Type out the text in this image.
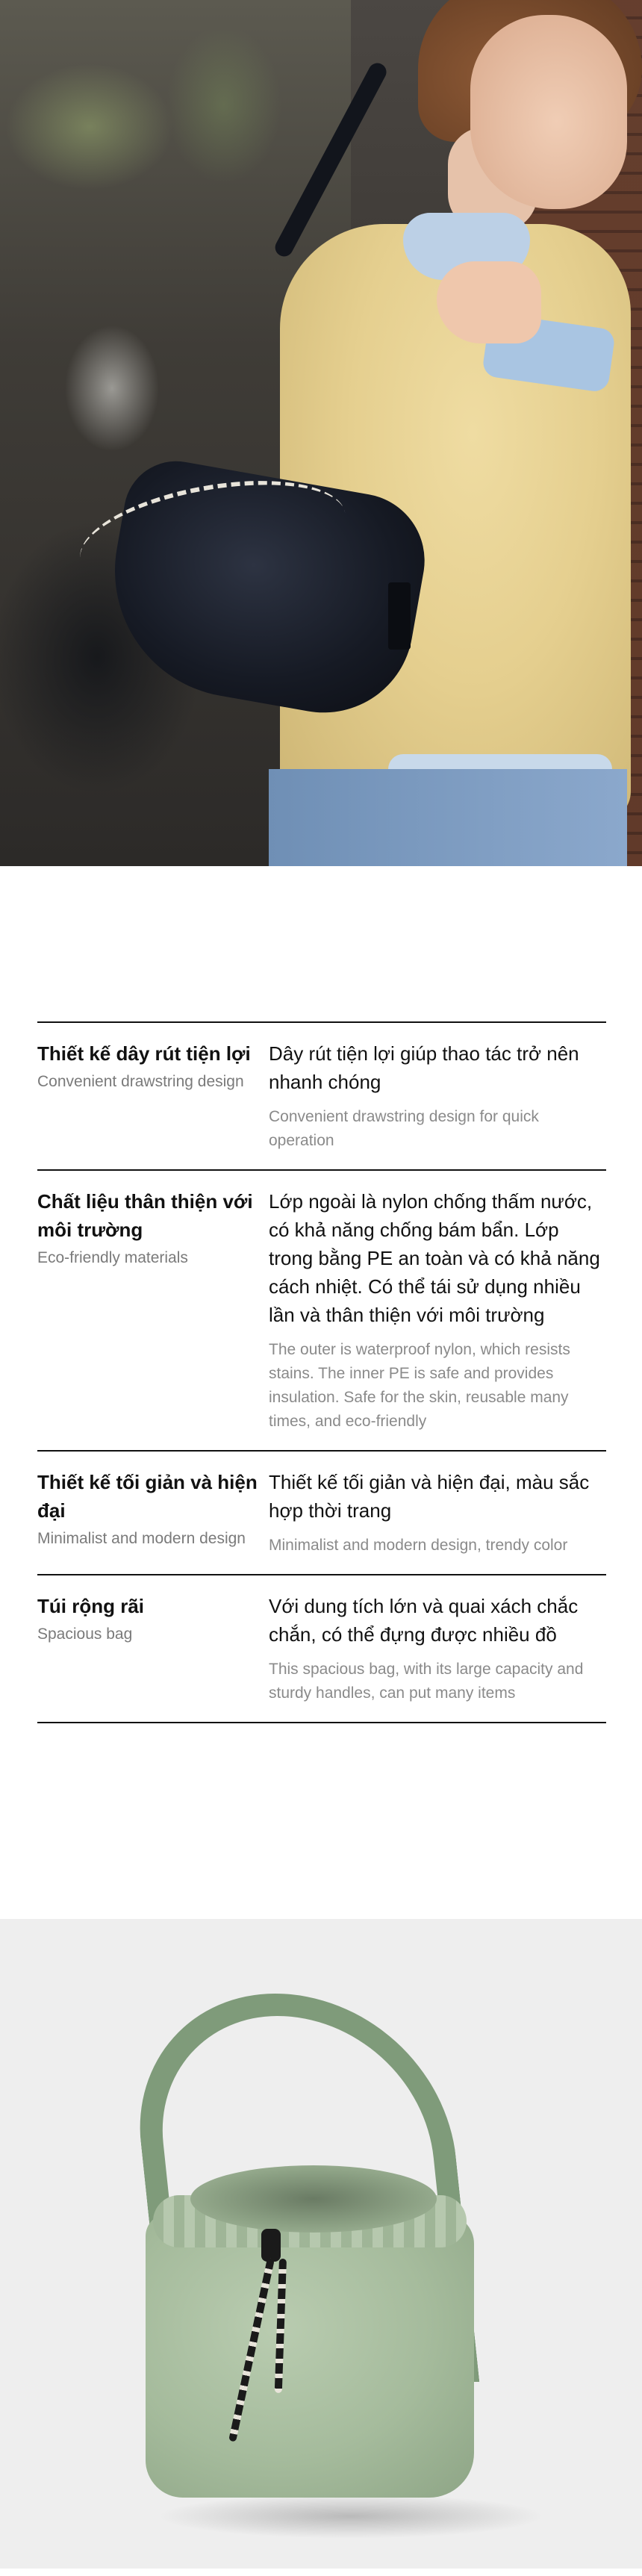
Thiết kế dây rút tiện lợi

Convenient drawstring design

Dây rút tiện lợi giúp thao tác trở nên nhanh chóng

Convenient drawstring design for quick operation

Chất liệu thân thiện với môi trường

Eco-friendly materials

Lớp ngoài là nylon chống thấm nước, có khả năng chống bám bẩn. Lớp trong bằng PE an toàn và có khả năng cách nhiệt. Có thể tái sử dụng nhiều lần và thân thiện với môi trường

The outer is waterproof nylon, which resists stains. The inner PE is safe and provides insulation. Safe for the skin, reusable many times, and eco-friendly

Thiết kế tối giản và hiện đại

Minimalist and modern design

Thiết kế tối giản và hiện đại, màu sắc hợp thời trang

Minimalist and modern design, trendy color

Túi rộng rãi

Spacious bag

Với dung tích lớn và quai xách chắc chắn, có thể đựng được nhiều đồ

This spacious bag, with its large capacity and sturdy handles, can put many items
